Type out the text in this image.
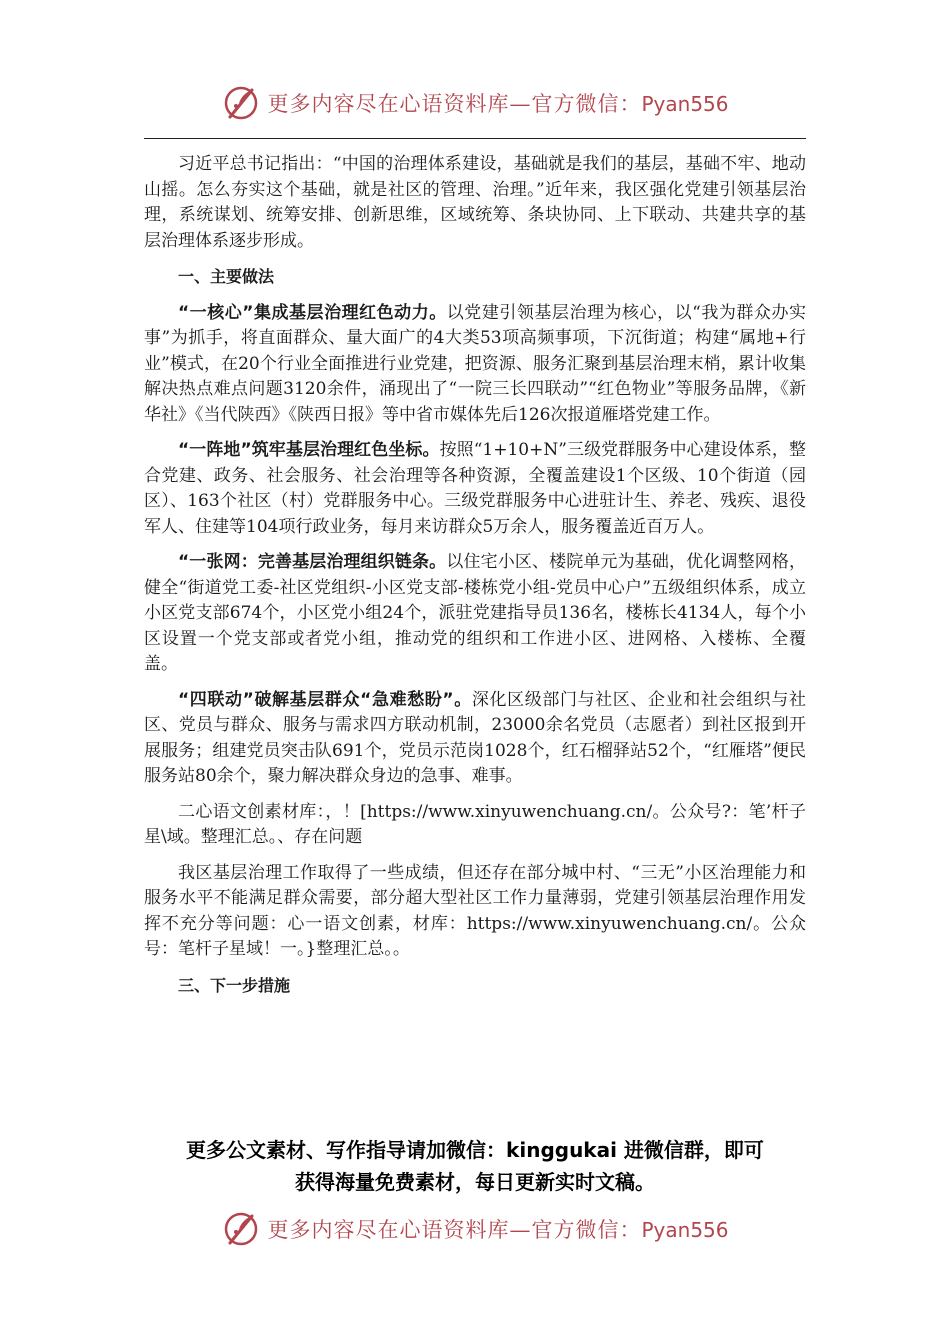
更多内容尽在心语资料库—官方微信：Pyan556

习近平总书记指出：“中国的治理体系建设，基础就是我们的基层，基础不牢、地动山摇。怎么夯实这个基础，就是社区的管理、治理。”近年来，我区强化党建引领基层治理，系统谋划、统筹安排、创新思维，区域统筹、条块协同、上下联动、共建共享的基层治理体系逐步形成。

一、主要做法

“一核心”集成基层治理红色动力。以党建引领基层治理为核心，以“我为群众办实事”为抓手，将直面群众、量大面广的4大类53项高频事项，下沉街道；构建“属地+行业”模式，在20个行业全面推进行业党建，把资源、服务汇聚到基层治理末梢，累计收集解决热点难点问题3120余件，涌现出了“一院三长四联动”“红色物业”等服务品牌，《新华社》《当代陕西》《陕西日报》等中省市媒体先后126次报道雁塔党建工作。

“一阵地”筑牢基层治理红色坐标。按照“1+10+N”三级党群服务中心建设体系，整合党建、政务、社会服务、社会治理等各种资源，全覆盖建设1个区级、10个街道（园区）、163个社区（村）党群服务中心。三级党群服务中心进驻计生、养老、残疾、退役军人、住建等104项行政业务，每月来访群众5万余人，服务覆盖近百万人。

“一张网：完善基层治理组织链条。以住宅小区、楼院单元为基础，优化调整网格，健全“街道党工委-社区党组织-小区党支部-楼栋党小组-党员中心户”五级组织体系，成立小区党支部674个，小区党小组24个，派驻党建指导员136名，楼栋长4134人，每个小区设置一个党支部或者党小组，推动党的组织和工作进小区、进网格、入楼栋、全覆盖。

“四联动”破解基层群众“急难愁盼”。深化区级部门与社区、企业和社会组织与社区、党员与群众、服务与需求四方联动机制，23000余名党员（志愿者）到社区报到开展服务；组建党员突击队691个，党员示范岗1028个，红石榴驿站52个，“红雁塔”便民服务站80余个，聚力解决群众身边的急事、难事。

二心语文创素材库：，！[https://www.xinyuwenchuang.cn/。公众号?：笔’杆子星\域。整理汇总。、存在问题

我区基层治理工作取得了一些成绩，但还存在部分城中村、“三无”小区治理能力和服务水平不能满足群众需要，部分超大型社区工作力量薄弱，党建引领基层治理作用发挥不充分等问题：心一语文创素，材库：https://www.xinyuwenchuang.cn/。公众号：笔杆子星域！一。}整理汇总。。

三、下一步措施

更多公文素材、写作指导请加微信：kinggukai 进微信群，即可
获得海量免费素材，每日更新实时文稿。
更多内容尽在心语资料库—官方微信：Pyan556
